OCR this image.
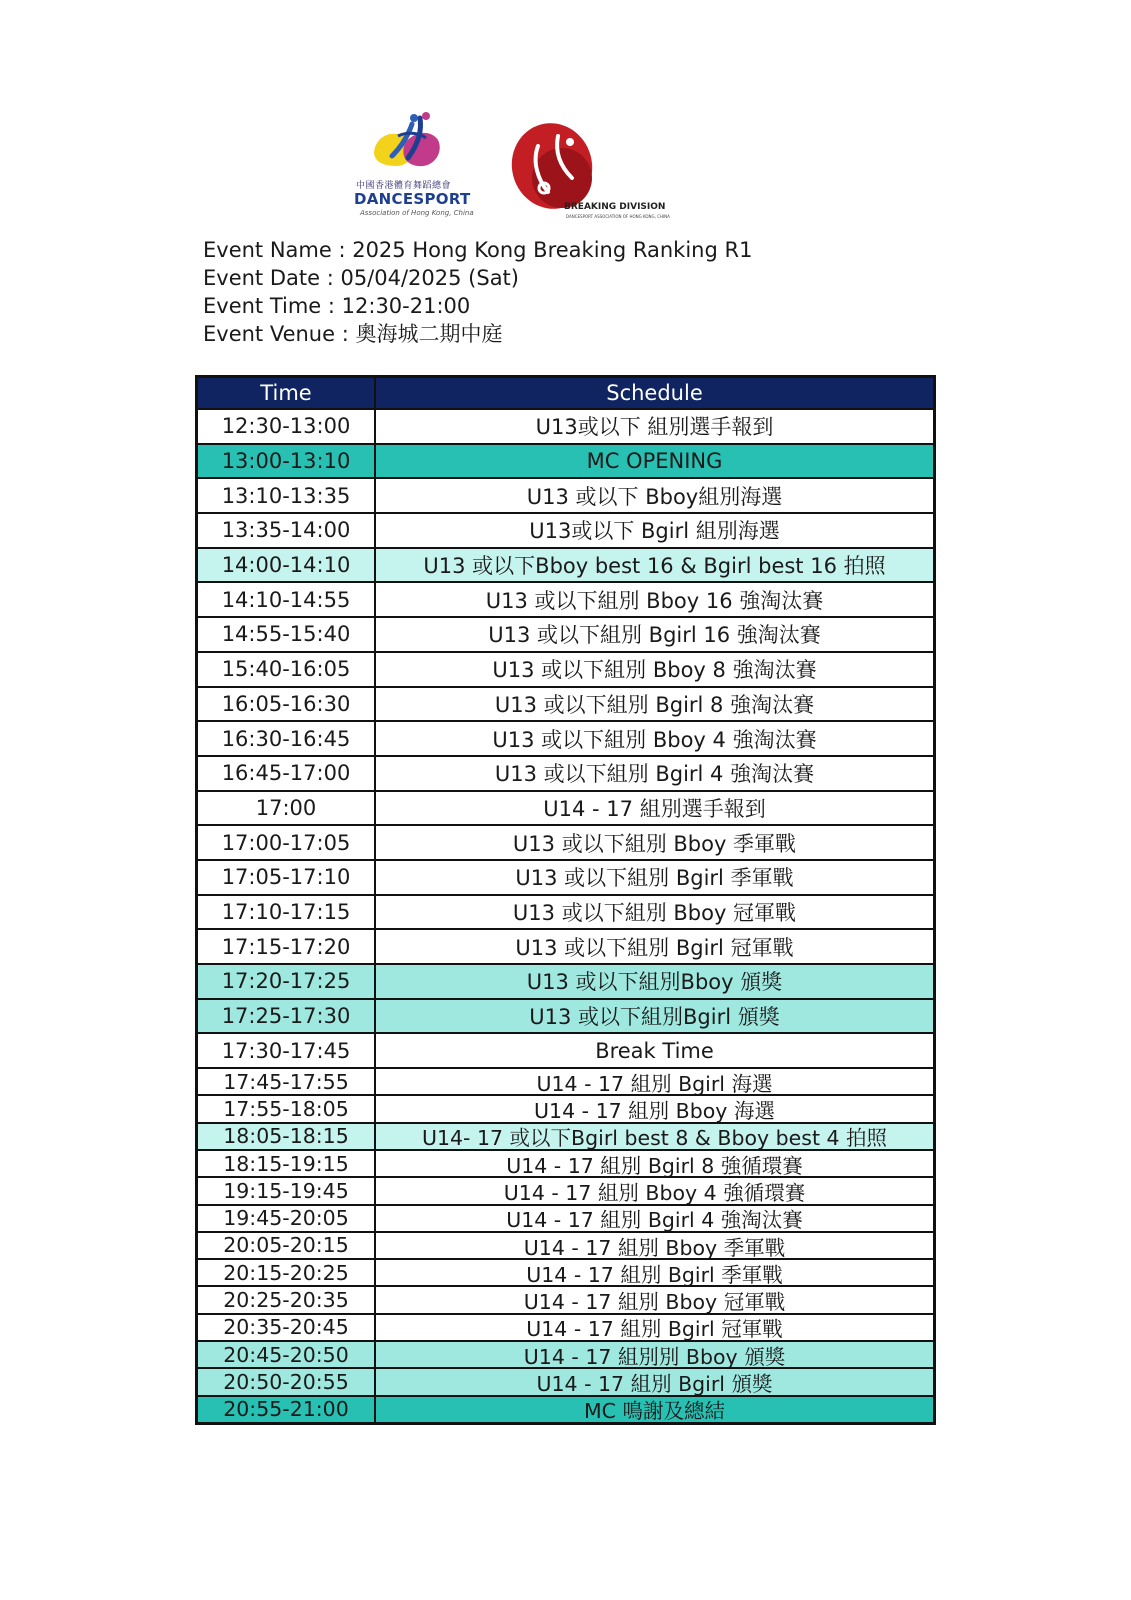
中國香港體育舞蹈總會
DANCESPORT
Association of Hong Kong, China
BREAKING DIVISION
DANCESPORT ASSOCIATION OF HONG KONG, CHINA
Event Name : 2025 Hong Kong Breaking Ranking R1
Event Date : 05/04/2025 (Sat)
Event Time : 12:30-21:00
Event Venue : 奧海城二期中庭
Time	Schedule
12:30-13:00	U13或以下 組別選手報到
13:00-13:10	MC OPENING
13:10-13:35	U13 或以下 Bboy組別海選
13:35-14:00	U13或以下 Bgirl 組別海選
14:00-14:10	U13 或以下Bboy best 16 & Bgirl best 16 拍照
14:10-14:55	U13 或以下組別 Bboy 16 強淘汰賽
14:55-15:40	U13 或以下組別 Bgirl 16 強淘汰賽
15:40-16:05	U13 或以下組別 Bboy 8 強淘汰賽
16:05-16:30	U13 或以下組別 Bgirl 8 強淘汰賽
16:30-16:45	U13 或以下組別 Bboy 4 強淘汰賽
16:45-17:00	U13 或以下組別 Bgirl 4 強淘汰賽
17:00	U14 - 17 組別選手報到
17:00-17:05	U13 或以下組別 Bboy 季軍戰
17:05-17:10	U13 或以下組別 Bgirl 季軍戰
17:10-17:15	U13 或以下組別 Bboy 冠軍戰
17:15-17:20	U13 或以下組別 Bgirl 冠軍戰
17:20-17:25	U13 或以下組別Bboy 頒獎
17:25-17:30	U13 或以下組別Bgirl 頒獎
17:30-17:45	Break Time
17:45-17:55	U14 - 17 組別 Bgirl 海選
17:55-18:05	U14 - 17 組別 Bboy 海選
18:05-18:15	U14- 17 或以下Bgirl best 8 & Bboy best 4 拍照
18:15-19:15	U14 - 17 組別 Bgirl 8 強循環賽
19:15-19:45	U14 - 17 組別 Bboy 4 強循環賽
19:45-20:05	U14 - 17 組別 Bgirl 4 強淘汰賽
20:05-20:15	U14 - 17 組別 Bboy 季軍戰
20:15-20:25	U14 - 17 組別 Bgirl 季軍戰
20:25-20:35	U14 - 17 組別 Bboy 冠軍戰
20:35-20:45	U14 - 17 組別 Bgirl 冠軍戰
20:45-20:50	U14 - 17 組別別 Bboy 頒獎
20:50-20:55	U14 - 17 組別 Bgirl 頒獎
20:55-21:00	MC 鳴謝及總結
